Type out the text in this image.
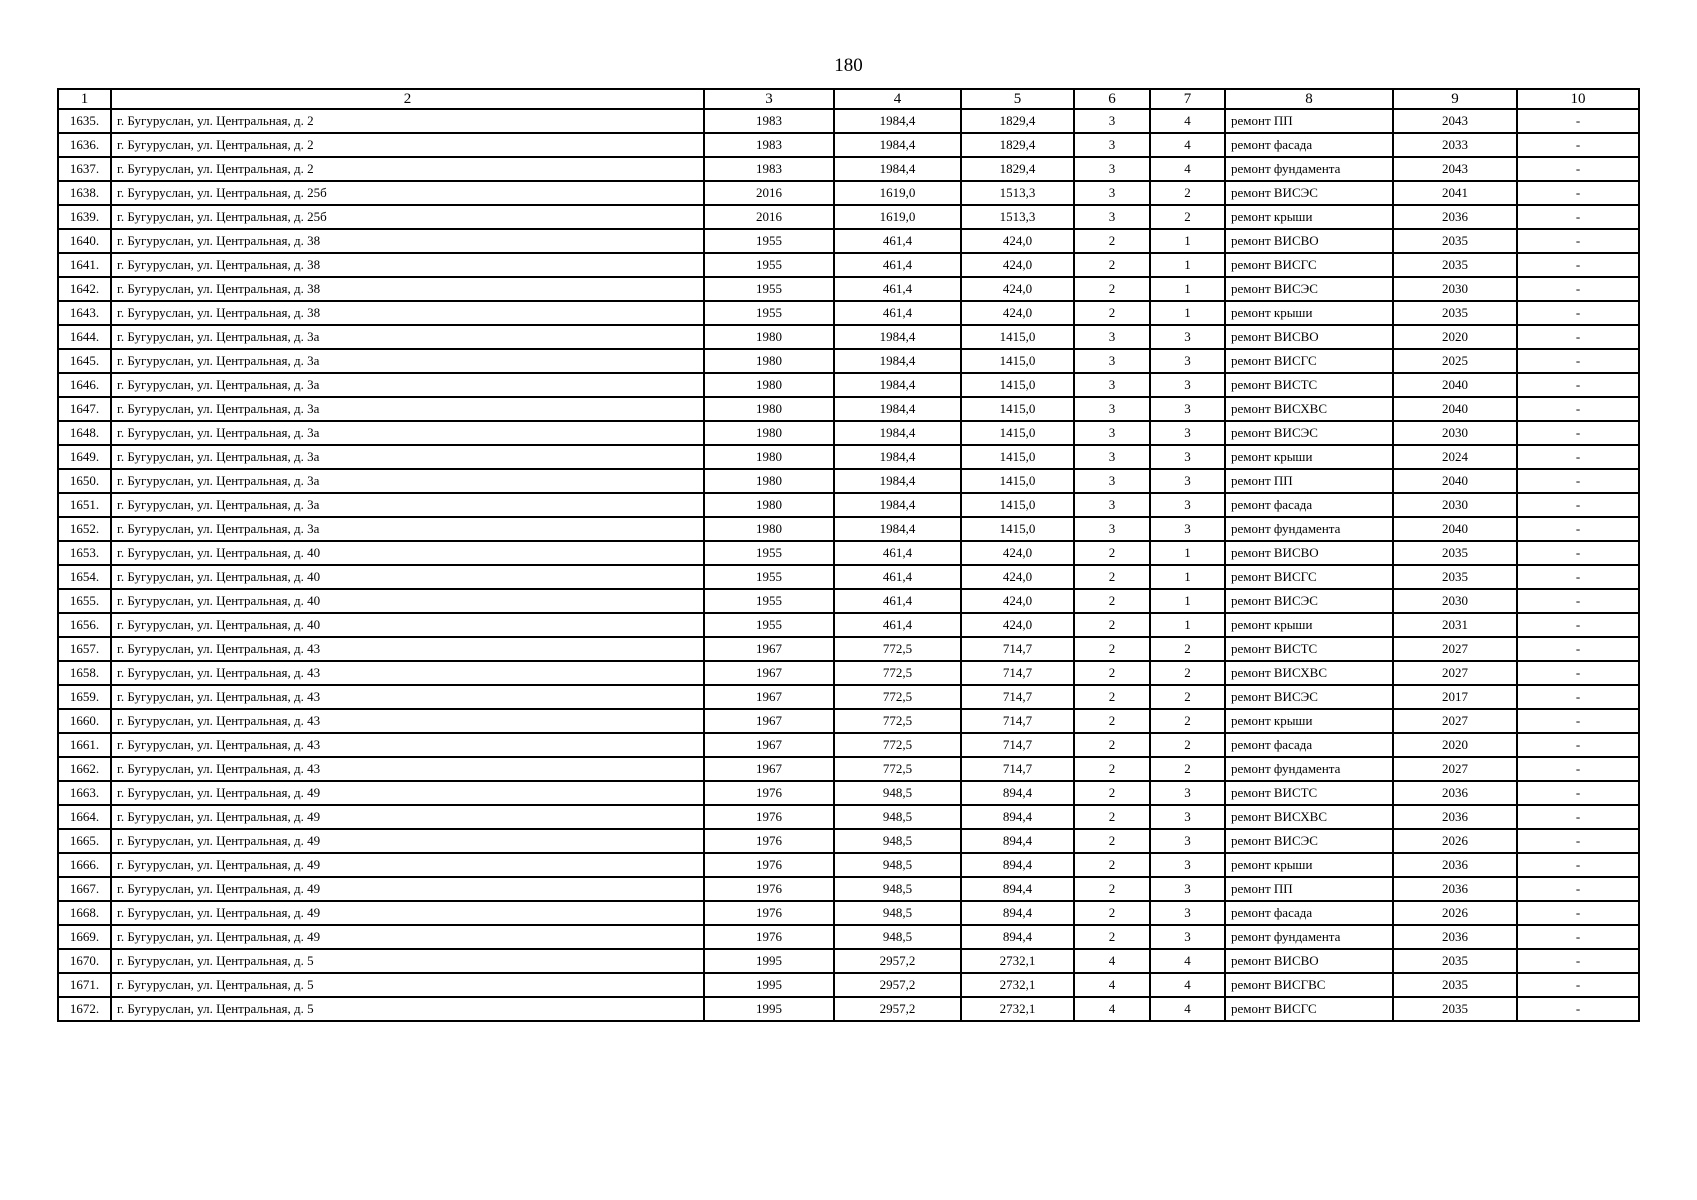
180
1	2	3	4	5	6	7	8	9	10
1635.	г. Бугуруслан, ул. Центральная, д. 2	1983	1984,4	1829,4	3	4	ремонт ПП	2043	-
1636.	г. Бугуруслан, ул. Центральная, д. 2	1983	1984,4	1829,4	3	4	ремонт фасада	2033	-
1637.	г. Бугуруслан, ул. Центральная, д. 2	1983	1984,4	1829,4	3	4	ремонт фундамента	2043	-
1638.	г. Бугуруслан, ул. Центральная, д. 25б	2016	1619,0	1513,3	3	2	ремонт ВИСЭС	2041	-
1639.	г. Бугуруслан, ул. Центральная, д. 25б	2016	1619,0	1513,3	3	2	ремонт крыши	2036	-
1640.	г. Бугуруслан, ул. Центральная, д. 38	1955	461,4	424,0	2	1	ремонт ВИСВО	2035	-
1641.	г. Бугуруслан, ул. Центральная, д. 38	1955	461,4	424,0	2	1	ремонт ВИСГС	2035	-
1642.	г. Бугуруслан, ул. Центральная, д. 38	1955	461,4	424,0	2	1	ремонт ВИСЭС	2030	-
1643.	г. Бугуруслан, ул. Центральная, д. 38	1955	461,4	424,0	2	1	ремонт крыши	2035	-
1644.	г. Бугуруслан, ул. Центральная, д. 3а	1980	1984,4	1415,0	3	3	ремонт ВИСВО	2020	-
1645.	г. Бугуруслан, ул. Центральная, д. 3а	1980	1984,4	1415,0	3	3	ремонт ВИСГС	2025	-
1646.	г. Бугуруслан, ул. Центральная, д. 3а	1980	1984,4	1415,0	3	3	ремонт ВИСТС	2040	-
1647.	г. Бугуруслан, ул. Центральная, д. 3а	1980	1984,4	1415,0	3	3	ремонт ВИСХВС	2040	-
1648.	г. Бугуруслан, ул. Центральная, д. 3а	1980	1984,4	1415,0	3	3	ремонт ВИСЭС	2030	-
1649.	г. Бугуруслан, ул. Центральная, д. 3а	1980	1984,4	1415,0	3	3	ремонт крыши	2024	-
1650.	г. Бугуруслан, ул. Центральная, д. 3а	1980	1984,4	1415,0	3	3	ремонт ПП	2040	-
1651.	г. Бугуруслан, ул. Центральная, д. 3а	1980	1984,4	1415,0	3	3	ремонт фасада	2030	-
1652.	г. Бугуруслан, ул. Центральная, д. 3а	1980	1984,4	1415,0	3	3	ремонт фундамента	2040	-
1653.	г. Бугуруслан, ул. Центральная, д. 40	1955	461,4	424,0	2	1	ремонт ВИСВО	2035	-
1654.	г. Бугуруслан, ул. Центральная, д. 40	1955	461,4	424,0	2	1	ремонт ВИСГС	2035	-
1655.	г. Бугуруслан, ул. Центральная, д. 40	1955	461,4	424,0	2	1	ремонт ВИСЭС	2030	-
1656.	г. Бугуруслан, ул. Центральная, д. 40	1955	461,4	424,0	2	1	ремонт крыши	2031	-
1657.	г. Бугуруслан, ул. Центральная, д. 43	1967	772,5	714,7	2	2	ремонт ВИСТС	2027	-
1658.	г. Бугуруслан, ул. Центральная, д. 43	1967	772,5	714,7	2	2	ремонт ВИСХВС	2027	-
1659.	г. Бугуруслан, ул. Центральная, д. 43	1967	772,5	714,7	2	2	ремонт ВИСЭС	2017	-
1660.	г. Бугуруслан, ул. Центральная, д. 43	1967	772,5	714,7	2	2	ремонт крыши	2027	-
1661.	г. Бугуруслан, ул. Центральная, д. 43	1967	772,5	714,7	2	2	ремонт фасада	2020	-
1662.	г. Бугуруслан, ул. Центральная, д. 43	1967	772,5	714,7	2	2	ремонт фундамента	2027	-
1663.	г. Бугуруслан, ул. Центральная, д. 49	1976	948,5	894,4	2	3	ремонт ВИСТС	2036	-
1664.	г. Бугуруслан, ул. Центральная, д. 49	1976	948,5	894,4	2	3	ремонт ВИСХВС	2036	-
1665.	г. Бугуруслан, ул. Центральная, д. 49	1976	948,5	894,4	2	3	ремонт ВИСЭС	2026	-
1666.	г. Бугуруслан, ул. Центральная, д. 49	1976	948,5	894,4	2	3	ремонт крыши	2036	-
1667.	г. Бугуруслан, ул. Центральная, д. 49	1976	948,5	894,4	2	3	ремонт ПП	2036	-
1668.	г. Бугуруслан, ул. Центральная, д. 49	1976	948,5	894,4	2	3	ремонт фасада	2026	-
1669.	г. Бугуруслан, ул. Центральная, д. 49	1976	948,5	894,4	2	3	ремонт фундамента	2036	-
1670.	г. Бугуруслан, ул. Центральная, д. 5	1995	2957,2	2732,1	4	4	ремонт ВИСВО	2035	-
1671.	г. Бугуруслан, ул. Центральная, д. 5	1995	2957,2	2732,1	4	4	ремонт ВИСГВС	2035	-
1672.	г. Бугуруслан, ул. Центральная, д. 5	1995	2957,2	2732,1	4	4	ремонт ВИСГС	2035	-
